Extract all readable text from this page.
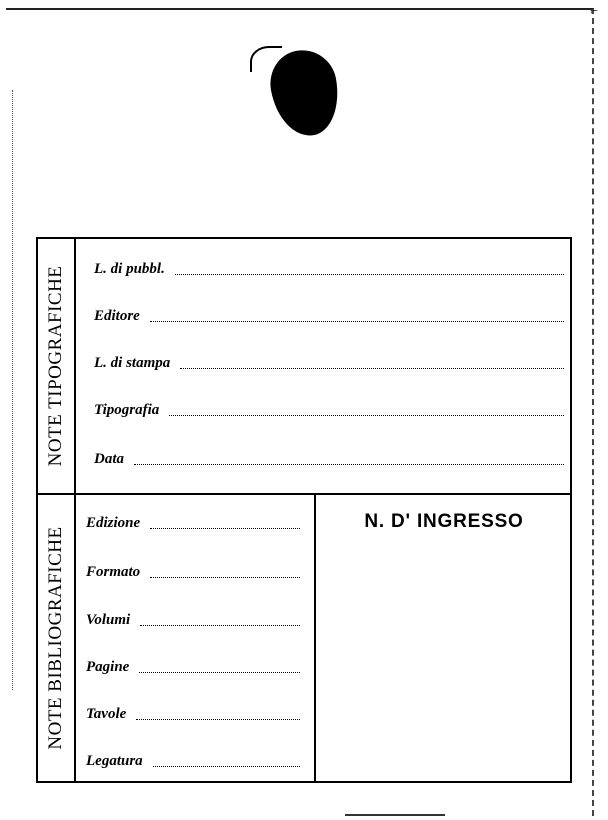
⌐
NOTE TIPOGRAFICHE L. di pubbl.
Editore
L. di stampa
Tipografia
Data
NOTE BIBLIOGRAFICHE
Edizione
Formato
Volumi
Pagine
Tavole
Legatura
N. D' INGRESSO
